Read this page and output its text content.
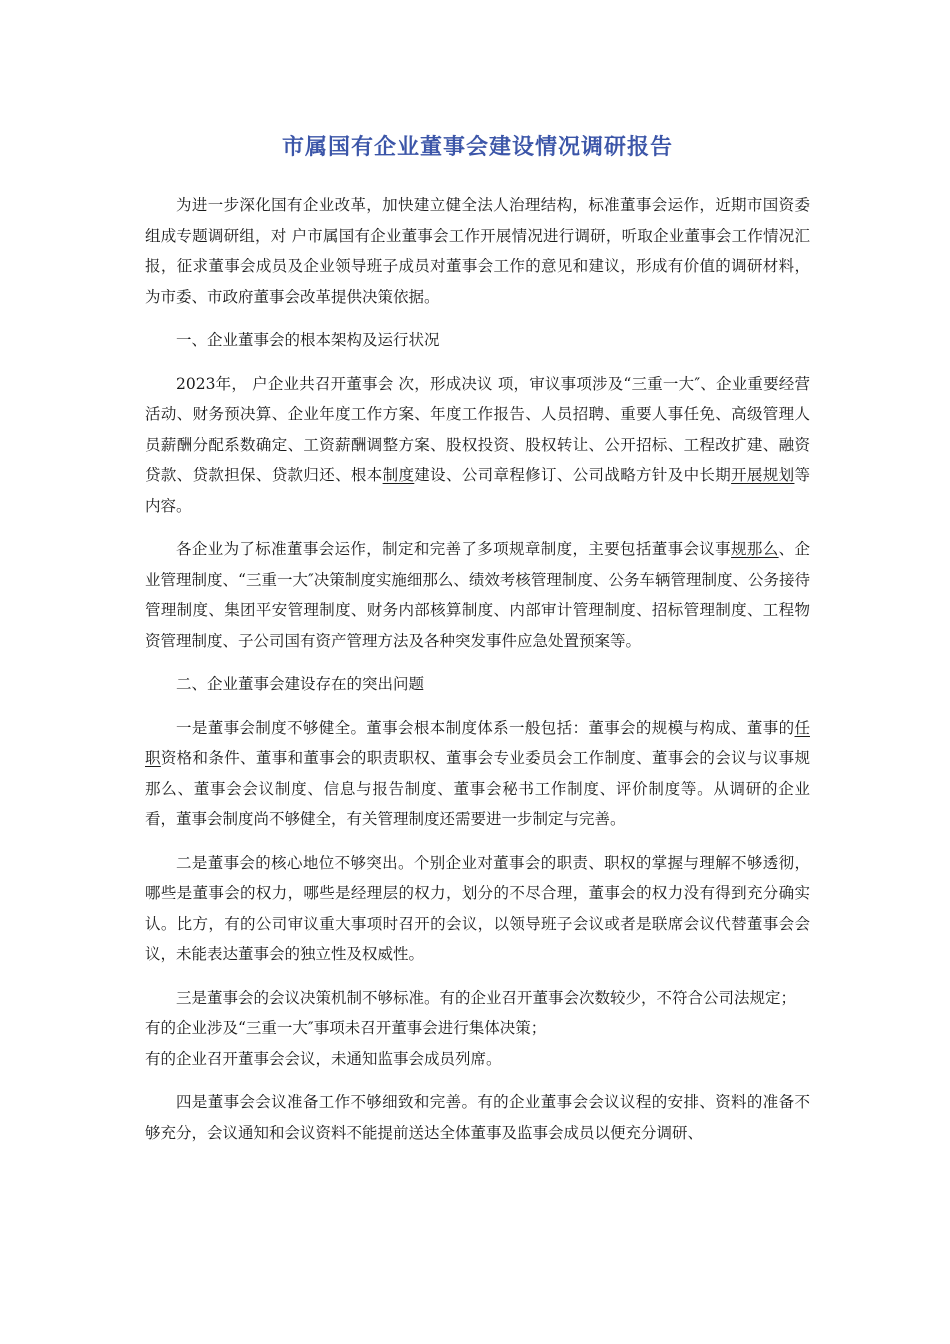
市属国有企业董事会建设情况调研报告

为进一步深化国有企业改革，加快建立健全法人治理结构，标准董事会运作，近期市国资委组成专题调研组，对 户市属国有企业董事会工作开展情况进行调研，听取企业董事会工作情况汇报，征求董事会成员及企业领导班子成员对董事会工作的意见和建议，形成有价值的调研材料，为市委、市政府董事会改革提供决策依据。

一、企业董事会的根本架构及运行状况

2023年， 户企业共召开董事会 次，形成决议 项，审议事项涉及“三重一大″、企业重要经营活动、财务预决算、企业年度工作方案、年度工作报告、人员招聘、重要人事任免、高级管理人员薪酬分配系数确定、工资薪酬调整方案、股权投资、股权转让、公开招标、工程改扩建、融资贷款、贷款担保、贷款归还、根本制度建设、公司章程修订、公司战略方针及中长期开展规划等内容。

各企业为了标准董事会运作，制定和完善了多项规章制度，主要包括董事会议事规那么、企业管理制度、“三重一大″决策制度实施细那么、绩效考核管理制度、公务车辆管理制度、公务接待管理制度、集团平安管理制度、财务内部核算制度、内部审计管理制度、招标管理制度、工程物资管理制度、子公司国有资产管理方法及各种突发事件应急处置预案等。

二、企业董事会建设存在的突出问题

一是董事会制度不够健全。董事会根本制度体系一般包括：董事会的规模与构成、董事的任职资格和条件、董事和董事会的职责职权、董事会专业委员会工作制度、董事会的会议与议事规那么、董事会会议制度、信息与报告制度、董事会秘书工作制度、评价制度等。从调研的企业看，董事会制度尚不够健全，有关管理制度还需要进一步制定与完善。

二是董事会的核心地位不够突出。个别企业对董事会的职责、职权的掌握与理解不够透彻，哪些是董事会的权力，哪些是经理层的权力，划分的不尽合理，董事会的权力没有得到充分确实认。比方，有的公司审议重大事项时召开的会议，以领导班子会议或者是联席会议代替董事会会议，未能表达董事会的独立性及权威性。

三是董事会的会议决策机制不够标准。有的企业召开董事会次数较少，不符合公司法规定；

有的企业涉及“三重一大″事项未召开董事会进行集体决策；

有的企业召开董事会会议，未通知监事会成员列席。

四是董事会会议准备工作不够细致和完善。有的企业董事会会议议程的安排、资料的准备不够充分，会议通知和会议资料不能提前送达全体董事及监事会成员以便充分调研、
